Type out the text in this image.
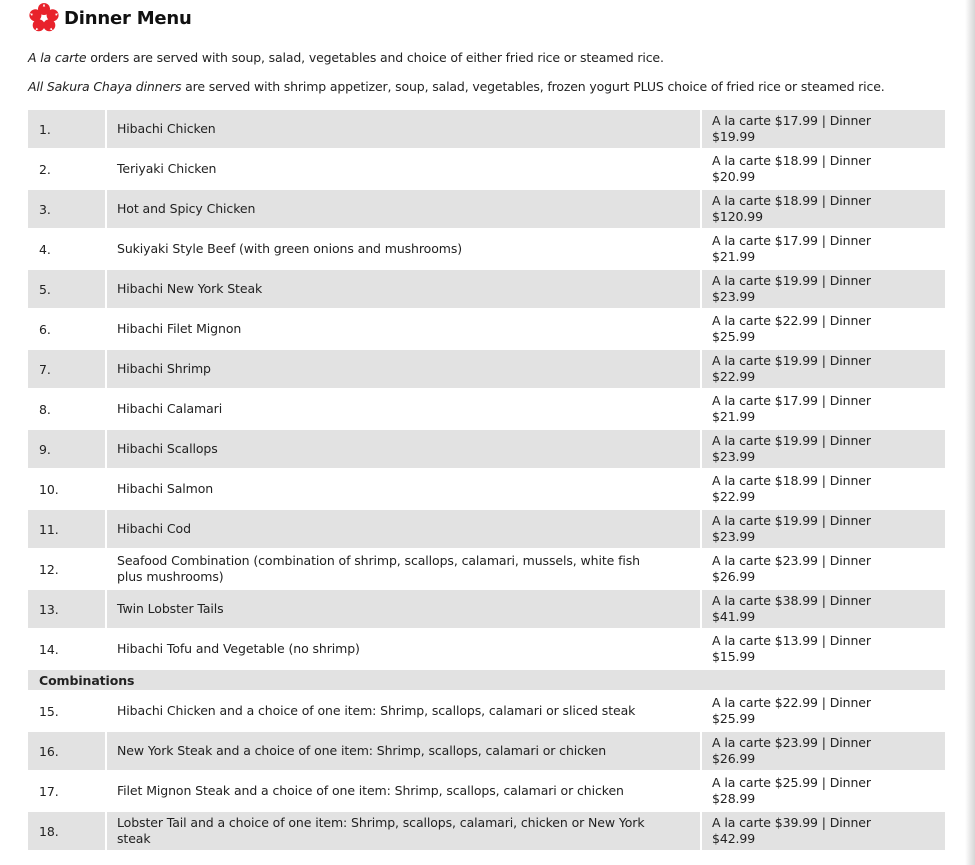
Dinner Menu
A la carte orders are served with soup, salad, vegetables and choice of either fried rice or steamed rice.
All Sakura Chaya dinners are served with shrimp appetizer, soup, salad, vegetables, frozen yogurt PLUS choice of fried rice or steamed rice.
1.	Hibachi Chicken	A la carte $17.99 | Dinner $19.99
2.	Teriyaki Chicken	A la carte $18.99 | Dinner $20.99
3.	Hot and Spicy Chicken	A la carte $18.99 | Dinner $120.99
4.	Sukiyaki Style Beef (with green onions and mushrooms)	A la carte $17.99 | Dinner $21.99
5.	Hibachi New York Steak	A la carte $19.99 | Dinner $23.99
6.	Hibachi Filet Mignon	A la carte $22.99 | Dinner $25.99
7.	Hibachi Shrimp	A la carte $19.99 | Dinner $22.99
8.	Hibachi Calamari	A la carte $17.99 | Dinner $21.99
9.	Hibachi Scallops	A la carte $19.99 | Dinner $23.99
10.	Hibachi Salmon	A la carte $18.99 | Dinner $22.99
11.	Hibachi Cod	A la carte $19.99 | Dinner $23.99
12.	Seafood Combination (combination of shrimp, scallops, calamari, mussels, white fish plus mushrooms)	A la carte $23.99 | Dinner $26.99
13.	Twin Lobster Tails	A la carte $38.99 | Dinner $41.99
14.	Hibachi Tofu and Vegetable (no shrimp)	A la carte $13.99 | Dinner $15.99
Combinations		
15.	Hibachi Chicken and a choice of one item: Shrimp, scallops, calamari or sliced steak	A la carte $22.99 | Dinner $25.99
16.	New York Steak and a choice of one item: Shrimp, scallops, calamari or chicken	A la carte $23.99 | Dinner $26.99
17.	Filet Mignon Steak and a choice of one item: Shrimp, scallops, calamari or chicken	A la carte $25.99 | Dinner $28.99
18.	Lobster Tail and a choice of one item: Shrimp, scallops, calamari, chicken or New York steak	A la carte $39.99 | Dinner $42.99
